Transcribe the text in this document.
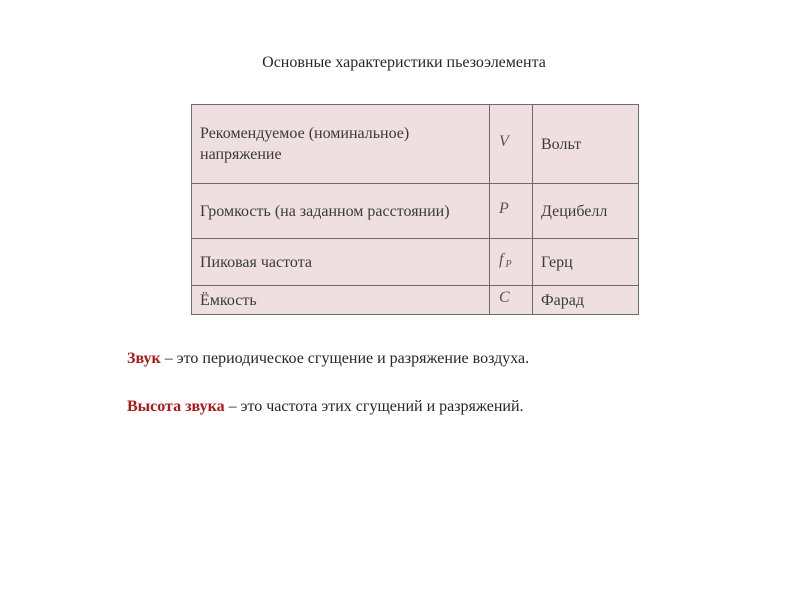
Основные характеристики пьезоэлемента
Рекомендуемое (номинальное) напряжение	V	Вольт
Громкость (на заданном расстоянии)	P	Децибелл
Пиковая частота	f $_P$	Герц
Ёмкость	C	Фарад
Звук – это периодическое сгущение и разряжение воздуха.
Высота звука – это частота этих сгущений и разряжений.
